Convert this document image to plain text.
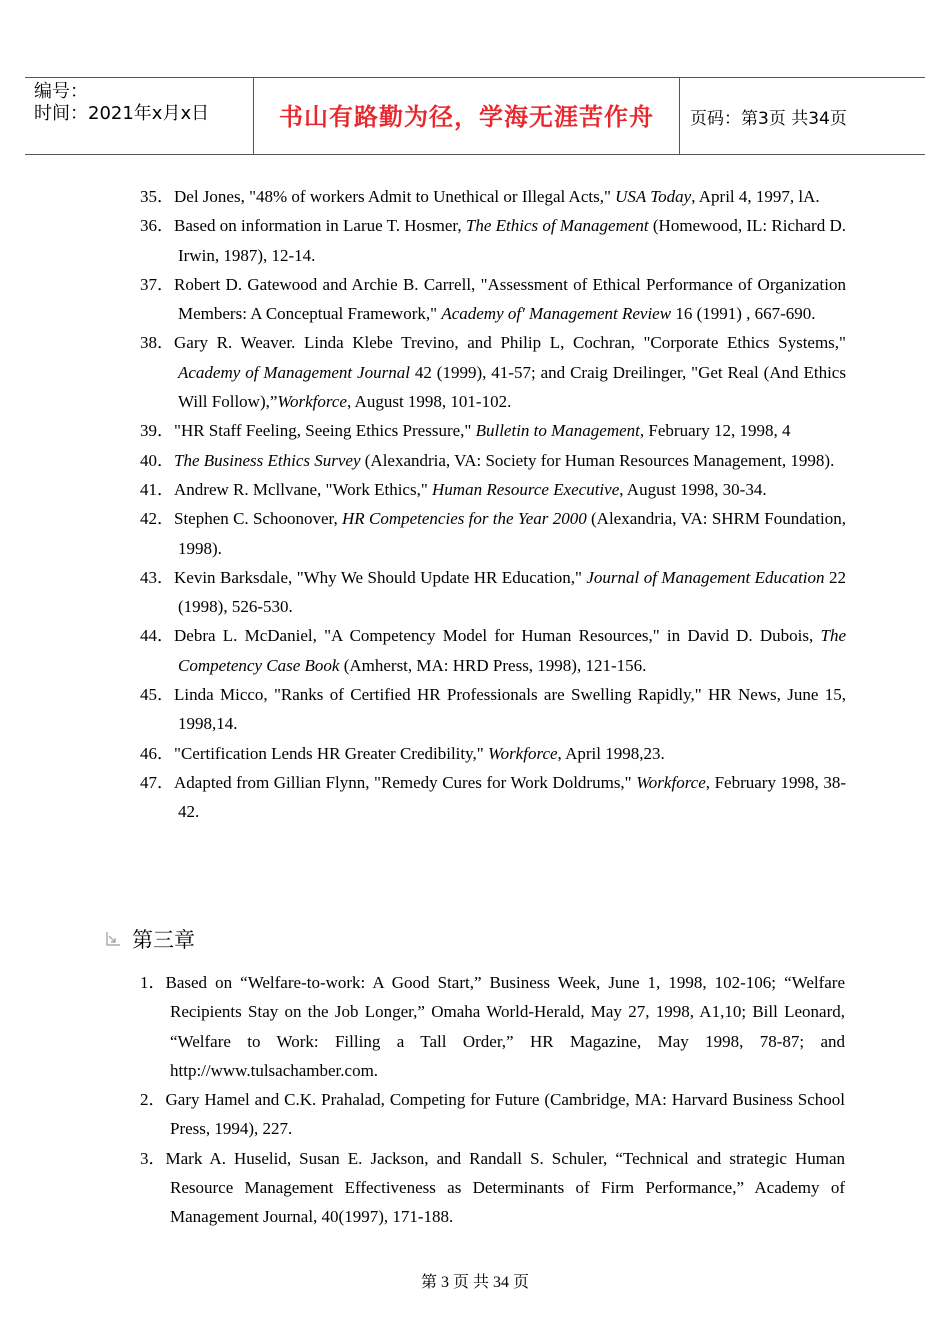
编号：
时间：2021年x月x日	书山有路勤为径，学海无涯苦作舟	页码：第3页 共34页
35．Del Jones, "48% of workers Admit to Unethical or Illegal Acts," USA Today, April 4, 1997, lA.
36．Based on information in Larue T. Hosmer, The Ethics of Management (Homewood, IL: Richard D. Irwin, 1987), 12-14.
37．Robert D. Gatewood and Archie B. Carrell, "Assessment of Ethical Performance of Organization Members: A Conceptual Framework," Academy of' Management Review 16 (1991) , 667-690.
38．Gary R. Weaver. Linda Klebe Trevino, and Philip L, Cochran, "Corporate Ethics Systems," Academy of Management Journal 42 (1999), 41-57; and Craig Dreilinger, "Get Real (And Ethics Will Follow),”Workforce, August 1998, 101-102.
39．"HR Staff Feeling, Seeing Ethics Pressure," Bulletin to Management, February 12, 1998, 4
40．The Business Ethics Survey (Alexandria, VA: Society for Human Resources Management, 1998).
41．Andrew R. Mcllvane, "Work Ethics," Human Resource Executive, August 1998, 30-34.
42．Stephen C. Schoonover, HR Competencies for the Year 2000 (Alexandria, VA: SHRM Foundation, 1998).
43．Kevin Barksdale, "Why We Should Update HR Education," Journal of Management Education 22 (1998), 526-530.
44．Debra L. McDaniel, "A Competency Model for Human Resources," in David D. Dubois, The Competency Case Book (Amherst, MA: HRD Press, 1998), 121-156.
45．Linda Micco, "Ranks of Certified HR Professionals are Swelling Rapidly," HR News, June 15, 1998,14.
46．"Certification Lends HR Greater Credibility," Workforce, April 1998,23.
47．Adapted from Gillian Flynn, "Remedy Cures for Work Doldrums," Workforce, February 1998, 38-42.
第三章
1．Based on “Welfare-to-work: A Good Start,” Business Week, June 1, 1998, 102-106; “Welfare Recipients Stay on the Job Longer,” Omaha World-Herald, May 27, 1998, A1,10; Bill Leonard, “Welfare to Work: Filling a Tall Order,” HR Magazine, May 1998, 78-87; and http://www.tulsachamber.com.
2．Gary Hamel and C.K. Prahalad, Competing for Future (Cambridge, MA: Harvard Business School Press, 1994), 227.
3．Mark A. Huselid, Susan E. Jackson, and Randall S. Schuler, “Technical and strategic Human Resource Management Effectiveness as Determinants of Firm Performance,” Academy of Management Journal, 40(1997), 171-188.
第 3 页 共 34 页
